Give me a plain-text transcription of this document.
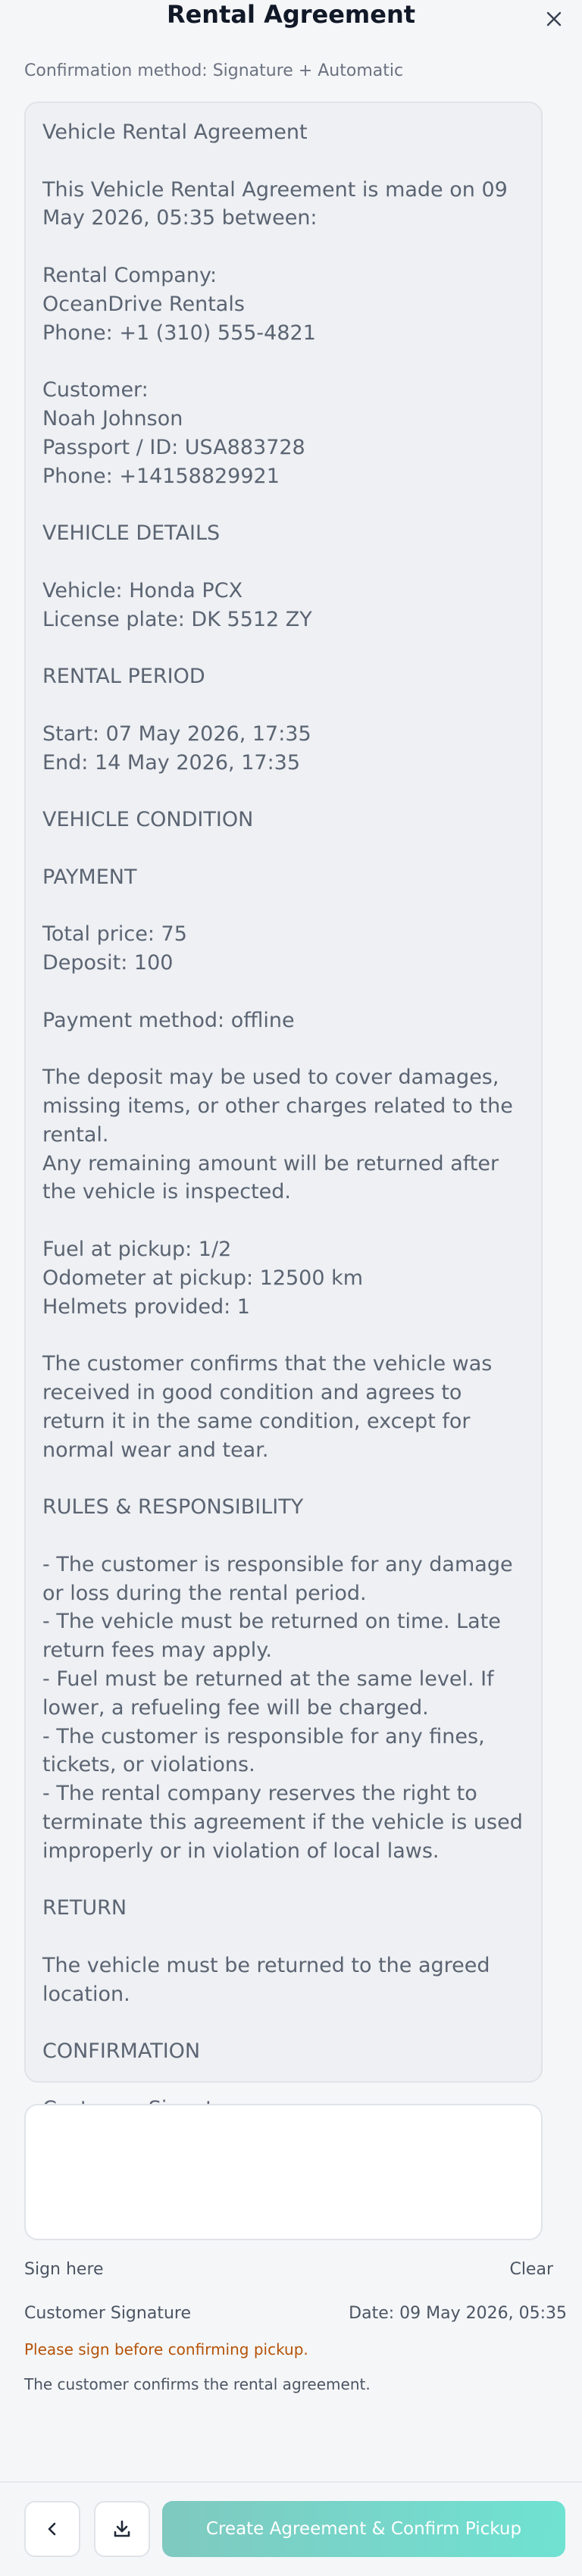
Rental Agreement
Confirmation method: Signature + Automatic
Vehicle Rental Agreement

This Vehicle Rental Agreement is made on 09 May 2026, 05:35 between:

Rental Company:
OceanDrive Rentals
Phone: +1 (310) 555-4821

Customer:
Noah Johnson
Passport / ID: USA883728
Phone: +14158829921

VEHICLE DETAILS

Vehicle: Honda PCX
License plate: DK 5512 ZY

RENTAL PERIOD

Start: 07 May 2026, 17:35
End: 14 May 2026, 17:35

VEHICLE CONDITION

PAYMENT

Total price: 75
Deposit: 100

Payment method: offline

The deposit may be used to cover damages, missing items, or other charges related to the rental.
Any remaining amount will be returned after the vehicle is inspected.

Fuel at pickup: 1/2
Odometer at pickup: 12500 km
Helmets provided: 1

The customer confirms that the vehicle was received in good condition and agrees to return it in the same condition, except for normal wear and tear.

RULES & RESPONSIBILITY

- The customer is responsible for any damage or loss during the rental period.
- The vehicle must be returned on time. Late return fees may apply.
- Fuel must be returned at the same level. If lower, a refueling fee will be charged.
- The customer is responsible for any fines, tickets, or violations.
- The rental company reserves the right to terminate this agreement if the vehicle is used improperly or in violation of local laws.

RETURN

The vehicle must be returned to the agreed location.

CONFIRMATION

Sign here	Clear
Customer Signature	Date: 09 May 2026, 05:35
Please sign before confirming pickup.
The customer confirms the rental agreement.
Create Agreement & Confirm Pickup
